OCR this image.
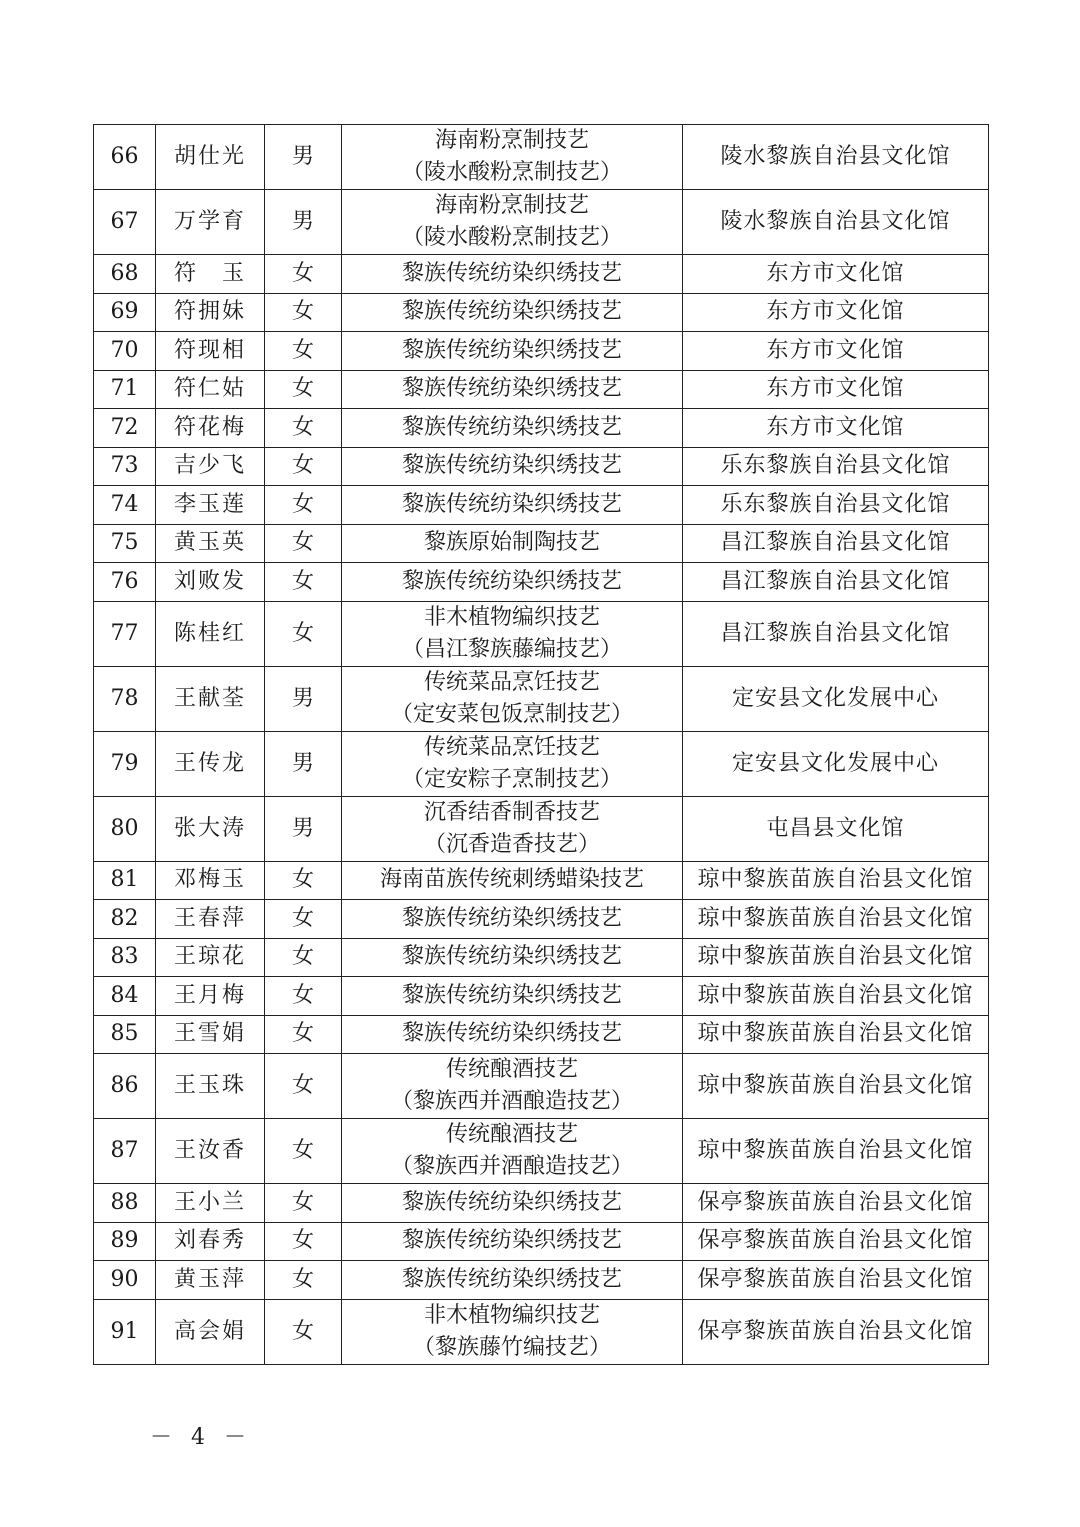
66	胡仕光	男	海南粉烹制技艺
（陵水酸粉烹制技艺）	陵水黎族自治县文化馆
67	万学育	男	海南粉烹制技艺
（陵水酸粉烹制技艺）	陵水黎族自治县文化馆
68	符　玉	女	黎族传统纺染织绣技艺	东方市文化馆
69	符拥妹	女	黎族传统纺染织绣技艺	东方市文化馆
70	符现相	女	黎族传统纺染织绣技艺	东方市文化馆
71	符仁姑	女	黎族传统纺染织绣技艺	东方市文化馆
72	符花梅	女	黎族传统纺染织绣技艺	东方市文化馆
73	吉少飞	女	黎族传统纺染织绣技艺	乐东黎族自治县文化馆
74	李玉莲	女	黎族传统纺染织绣技艺	乐东黎族自治县文化馆
75	黄玉英	女	黎族原始制陶技艺	昌江黎族自治县文化馆
76	刘败发	女	黎族传统纺染织绣技艺	昌江黎族自治县文化馆
77	陈桂红	女	非木植物编织技艺
（昌江黎族藤编技艺）	昌江黎族自治县文化馆
78	王献荃	男	传统菜品烹饪技艺
（定安菜包饭烹制技艺）	定安县文化发展中心
79	王传龙	男	传统菜品烹饪技艺
（定安粽子烹制技艺）	定安县文化发展中心
80	张大涛	男	沉香结香制香技艺
（沉香造香技艺）	屯昌县文化馆
81	邓梅玉	女	海南苗族传统刺绣蜡染技艺	琼中黎族苗族自治县文化馆
82	王春萍	女	黎族传统纺染织绣技艺	琼中黎族苗族自治县文化馆
83	王琼花	女	黎族传统纺染织绣技艺	琼中黎族苗族自治县文化馆
84	王月梅	女	黎族传统纺染织绣技艺	琼中黎族苗族自治县文化馆
85	王雪娟	女	黎族传统纺染织绣技艺	琼中黎族苗族自治县文化馆
86	王玉珠	女	传统酿酒技艺
（黎族西并酒酿造技艺）	琼中黎族苗族自治县文化馆
87	王汝香	女	传统酿酒技艺
（黎族西并酒酿造技艺）	琼中黎族苗族自治县文化馆
88	王小兰	女	黎族传统纺染织绣技艺	保亭黎族苗族自治县文化馆
89	刘春秀	女	黎族传统纺染织绣技艺	保亭黎族苗族自治县文化馆
90	黄玉萍	女	黎族传统纺染织绣技艺	保亭黎族苗族自治县文化馆
91	高会娟	女	非木植物编织技艺
（黎族藤竹编技艺）	保亭黎族苗族自治县文化馆
－ 4 －
